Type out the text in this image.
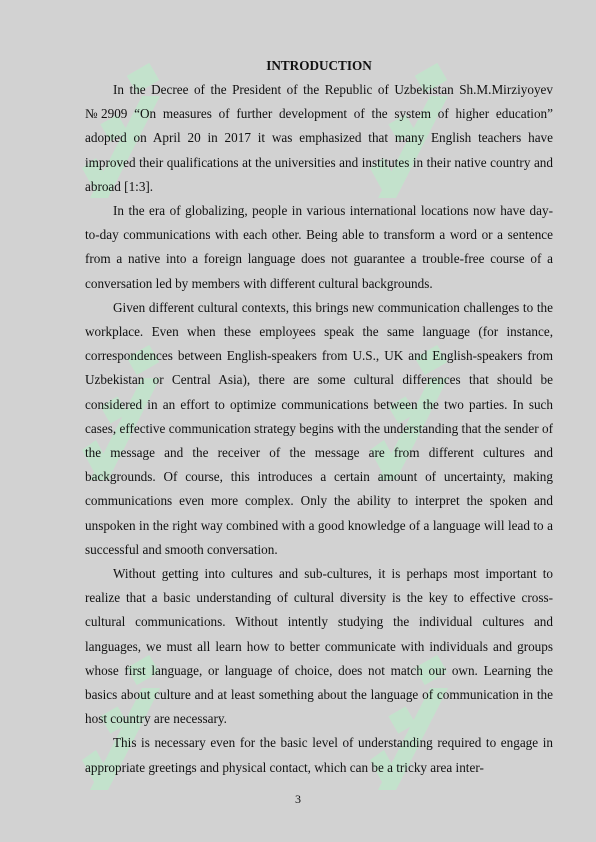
INTRODUCTION

In the Decree of the President of the Republic of Uzbekistan Sh.M.Mirziyoyev №2909 “On measures of further development of the system of higher education” adopted on April 20 in 2017 it was emphasized that many English teachers have improved their qualifications at the universities and institutes in their native country and abroad [1:3].

In the era of globalizing, people in various international locations now have day-to-day communications with each other. Being able to transform a word or a sentence from a native into a foreign language does not guarantee a trouble-free course of a conversation led by members with different cultural backgrounds.

Given different cultural contexts, this brings new communication challenges to the workplace. Even when these employees speak the same language (for instance, correspondences between English-speakers from U.S., UK and English-speakers from Uzbekistan or Central Asia), there are some cultural differences that should be considered in an effort to optimize communications between the two parties. In such cases, effective communication strategy begins with the understanding that the sender of the message and the receiver of the message are from different cultures and backgrounds. Of course, this introduces a certain amount of uncertainty, making communications even more complex. Only the ability to interpret the spoken and unspoken in the right way combined with a good knowledge of a language will lead to a successful and smooth conversation.

Without getting into cultures and sub-cultures, it is perhaps most important to realize that a basic understanding of cultural diversity is the key to effective cross-cultural communications. Without intently studying the individual cultures and languages, we must all learn how to better communicate with individuals and groups whose first language, or language of choice, does not match our own. Learning the basics about culture and at least something about the language of communication in the host country are necessary.

This is necessary even for the basic level of understanding required to engage in appropriate greetings and physical contact, which can be a tricky area inter-

3
